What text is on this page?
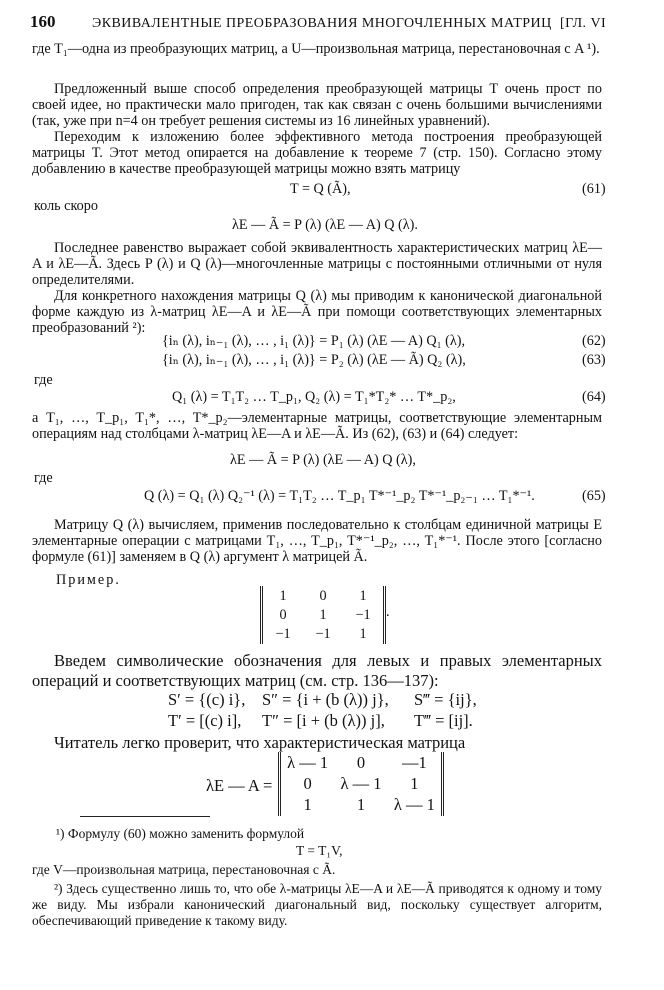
160	ЭКВИВАЛЕНТНЫЕ ПРЕОБРАЗОВАНИЯ МНОГОЧЛЕННЫХ МАТРИЦ [ГЛ. VI
где T₁—одна из преобразующих матриц, а U—произвольная матрица, перестановочная с A ¹).
Предложенный выше способ определения преобразующей матрицы T очень прост по своей идее, но практически мало пригоден, так как связан с очень большими вычислениями (так, уже при n=4 он требует решения системы из 16 линейных уравнений).
Переходим к изложению более эффективного метода построения преобразующей матрицы T. Этот метод опирается на добавление к теореме 7 (стр. 150). Согласно этому добавлению в качестве преобразующей матрицы можно взять матрицу
T = Q (Ã),	(61)
коль скоро
λE — Ã = P (λ) (λE — A) Q (λ).
Последнее равенство выражает собой эквивалентность характеристических матриц λE—A и λE—Ã. Здесь P (λ) и Q (λ)—многочленные матрицы с постоянными отличными от нуля определителями.
Для конкретного нахождения матрицы Q (λ) мы приводим к канонической диагональной форме каждую из λ-матриц λE—A и λE—Ã при помощи соответствующих элементарных преобразований ²):
{iₙ (λ), iₙ₋₁ (λ), … , i₁ (λ)} = P₁ (λ) (λE — A) Q₁ (λ),	(62)
{iₙ (λ), iₙ₋₁ (λ), … , i₁ (λ)} = P₂ (λ) (λE — Ã) Q₂ (λ),	(63)
где
Q₁ (λ) = T₁T₂ … T_p₁, Q₂ (λ) = T₁*T₂* … T*_p₂,	(64)
а T₁, …, T_p₁, T₁*, …, T*_p₂—элементарные матрицы, соответствующие элементарным операциям над столбцами λ-матриц λE—A и λE—Ã. Из (62), (63) и (64) следует:
λE — Ã = P (λ) (λE — A) Q (λ),
где
Q (λ) = Q₁ (λ) Q₂⁻¹ (λ) = T₁T₂ … T_p₁ T*⁻¹_p₂ T*⁻¹_p₂₋₁ … T₁*⁻¹.	(65)
Матрицу Q (λ) вычисляем, применив последовательно к столбцам единичной матрицы E элементарные операции с матрицами T₁, …, T_p₁, T*⁻¹_p₂, …, T₁*⁻¹. После этого [согласно формуле (61)] заменяем в Q (λ) аргумент λ матрицей Ã.
Пример.
1	0	1
0	1	−1
−1	−1	1
.
Введем символические обозначения для левых и правых элементарных операций и соответствующих матриц (см. стр. 136—137):
S′ = {(c) i}, S″ = {i + (b (λ)) j}, S‴ = {ij},
T′ = [(c) i], T″ = [i + (b (λ)) j], T‴ = [ij].
Читатель легко проверит, что характеристическая матрица
λE — A =
λ — 1	0	—1
0	λ — 1	1
1	1	λ — 1
¹) Формулу (60) можно заменить формулой
T = T₁V,
где V—произвольная матрица, перестановочная с Ã.
²) Здесь существенно лишь то, что обе λ-матрицы λE—A и λE—Ã приводятся к одному и тому же виду. Мы избрали канонический диагональный вид, поскольку существует алгоритм, обеспечивающий приведение к такому виду.
